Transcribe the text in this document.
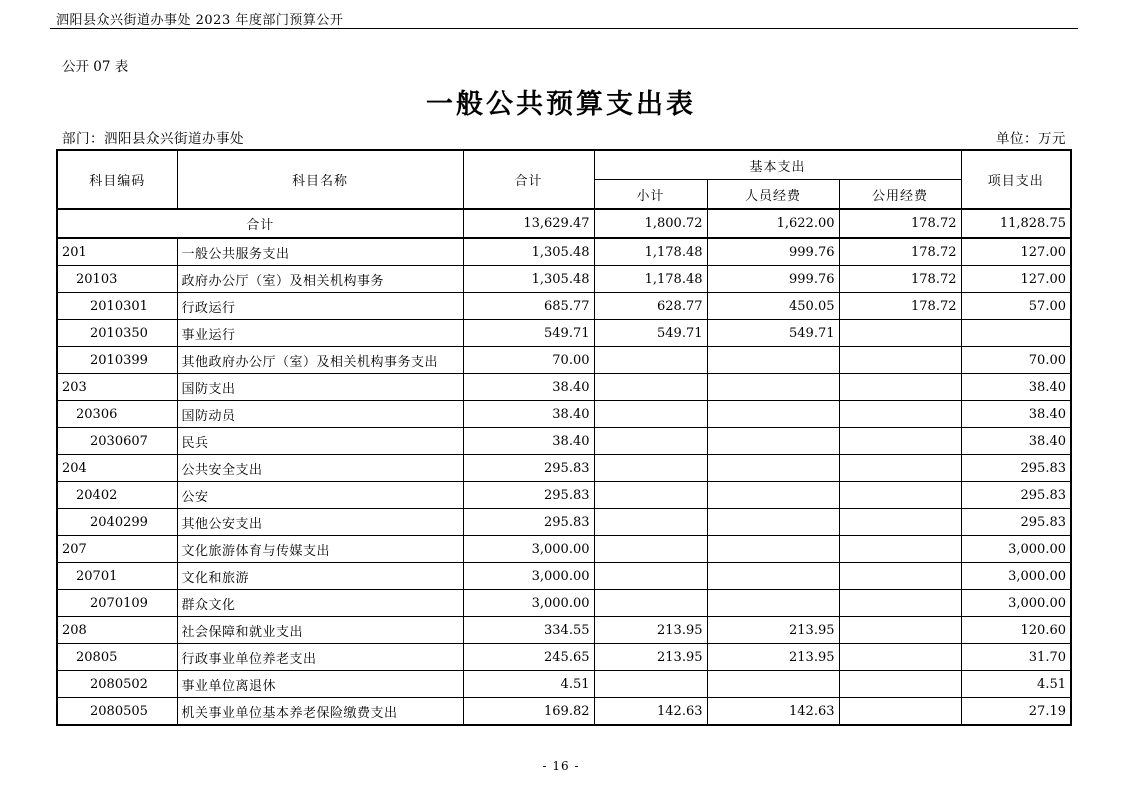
泗阳县众兴街道办事处 2023 年度部门预算公开
公开 07 表
一般公共预算支出表
部门：泗阳县众兴街道办事处	单位：万元
科目编码	科目名称	合计	基本支出			项目支出
			小计	人员经费	公用经费	
合计		13,629.47	1,800.72	1,622.00	178.72	11,828.75
201	一般公共服务支出	1,305.48	1,178.48	999.76	178.72	127.00
20103	政府办公厅（室）及相关机构事务	1,305.48	1,178.48	999.76	178.72	127.00
2010301	行政运行	685.77	628.77	450.05	178.72	57.00
2010350	事业运行	549.71	549.71	549.71		
2010399	其他政府办公厅（室）及相关机构事务支出	70.00				70.00
203	国防支出	38.40				38.40
20306	国防动员	38.40				38.40
2030607	民兵	38.40				38.40
204	公共安全支出	295.83				295.83
20402	公安	295.83				295.83
2040299	其他公安支出	295.83				295.83
207	文化旅游体育与传媒支出	3,000.00				3,000.00
20701	文化和旅游	3,000.00				3,000.00
2070109	群众文化	3,000.00				3,000.00
208	社会保障和就业支出	334.55	213.95	213.95		120.60
20805	行政事业单位养老支出	245.65	213.95	213.95		31.70
2080502	事业单位离退休	4.51				4.51
2080505	机关事业单位基本养老保险缴费支出	169.82	142.63	142.63		27.19
- 16 -
